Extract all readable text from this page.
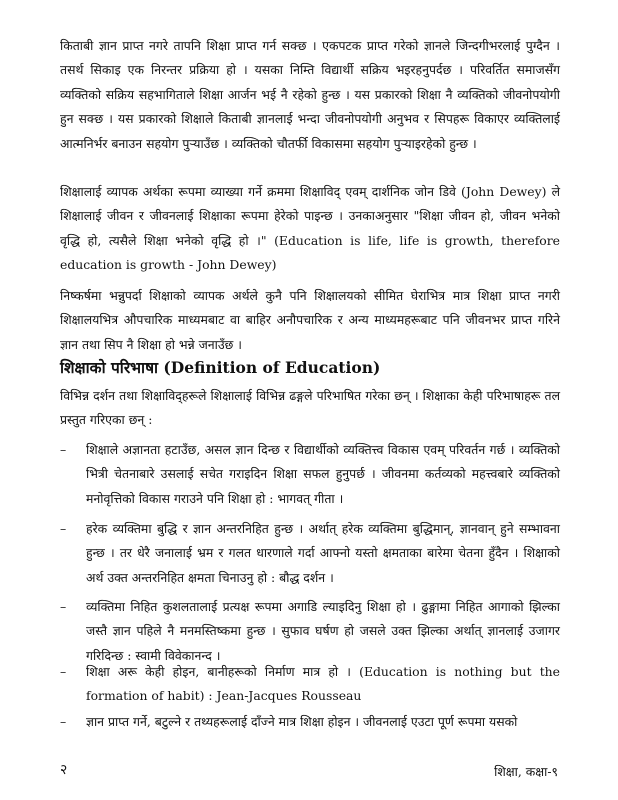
किताबी ज्ञान प्राप्त नगरे तापनि शिक्षा प्राप्त गर्न सक्छ । एकपटक प्राप्त गरेको ज्ञानले जिन्दगीभरलाई पुग्दैन । तसर्थ सिकाइ एक निरन्तर प्रक्रिया हो । यसका निम्ति विद्यार्थी सक्रिय भइरहनुपर्दछ । परिवर्तित समाजसँग व्यक्तिको सक्रिय सहभागिताले शिक्षा आर्जन भई नै रहेको हुन्छ । यस प्रकारको शिक्षा नै व्यक्तिको जीवनोपयोगी हुन सक्छ । यस प्रकारको शिक्षाले किताबी ज्ञानलाई भन्दा जीवनोपयोगी अनुभव र सिपहरू विकाएर व्यक्तिलाई आत्मनिर्भर बनाउन सहयोग पुऱ्याउँछ । व्यक्तिको चौतर्फी विकासमा सहयोग पुऱ्याइरहेको हुन्छ ।

शिक्षालाई व्यापक अर्थका रूपमा व्याख्या गर्ने क्रममा शिक्षाविद् एवम् दार्शनिक जोन डिवे (John Dewey) ले शिक्षालाई जीवन र जीवनलाई शिक्षाका रूपमा हेरेको पाइन्छ । उनकाअनुसार "शिक्षा जीवन हो, जीवन भनेको वृद्धि हो, त्यसैले शिक्षा भनेको वृद्धि हो ।" (Education is life, life is growth, therefore education is growth - John Dewey)

निष्कर्षमा भन्नुपर्दा शिक्षाको व्यापक अर्थले कुनै पनि शिक्षालयको सीमित घेराभित्र मात्र शिक्षा प्राप्त नगरी शिक्षालयभित्र औपचारिक माध्यमबाट वा बाहिर अनौपचारिक र अन्य माध्यमहरूबाट पनि जीवनभर प्राप्त गरिने ज्ञान तथा सिप नै शिक्षा हो भन्ने जनाउँछ ।

शिक्षाको परिभाषा (Definition of Education)

विभिन्न दर्शन तथा शिक्षाविद्हरूले शिक्षालाई विभिन्न ढङ्गले परिभाषित गरेका छन् । शिक्षाका केही परिभाषाहरू तल प्रस्तुत गरिएका छन् :

–	शिक्षाले अज्ञानता हटाउँछ, असल ज्ञान दिन्छ र विद्यार्थीको व्यक्तित्त्व विकास एवम् परिवर्तन गर्छ । व्यक्तिको भित्री चेतनाबारे उसलाई सचेत गराइदिन शिक्षा सफल हुनुपर्छ । जीवनमा कर्तव्यको महत्त्वबारे व्यक्तिको मनोवृत्तिको विकास गराउने पनि शिक्षा हो : भागवत् गीता ।
–	हरेक व्यक्तिमा बुद्धि र ज्ञान अन्तरनिहित हुन्छ । अर्थात् हरेक व्यक्तिमा बुद्धिमान्, ज्ञानवान् हुने सम्भावना हुन्छ । तर धेरै जनालाई भ्रम र गलत धारणाले गर्दा आफ्नो यस्तो क्षमताका बारेमा चेतना हुँदैन । शिक्षाको अर्थ उक्त अन्तरनिहित क्षमता चिनाउनु हो : बौद्ध दर्शन ।
–	व्यक्तिमा निहित कुशलतालाई प्रत्यक्ष रूपमा अगाडि ल्याइदिनु शिक्षा हो । ढुङ्गामा निहित आगाको झिल्का जस्तै ज्ञान पहिले नै मनमस्तिष्कमा हुन्छ । सुफाव घर्षण हो जसले उक्त झिल्का अर्थात् ज्ञानलाई उजागर गरिदिन्छ : स्वामी विवेकानन्द ।
–	शिक्षा अरू केही होइन, बानीहरूको निर्माण मात्र हो । (Education is nothing but the formation of habit) : Jean-Jacques Rousseau
–	ज्ञान प्राप्त गर्ने, बटुल्ने र तथ्यहरूलाई दाँज्ने मात्र शिक्षा होइन । जीवनलाई एउटा पूर्ण रूपमा यसको
२	शिक्षा, कक्षा-९
